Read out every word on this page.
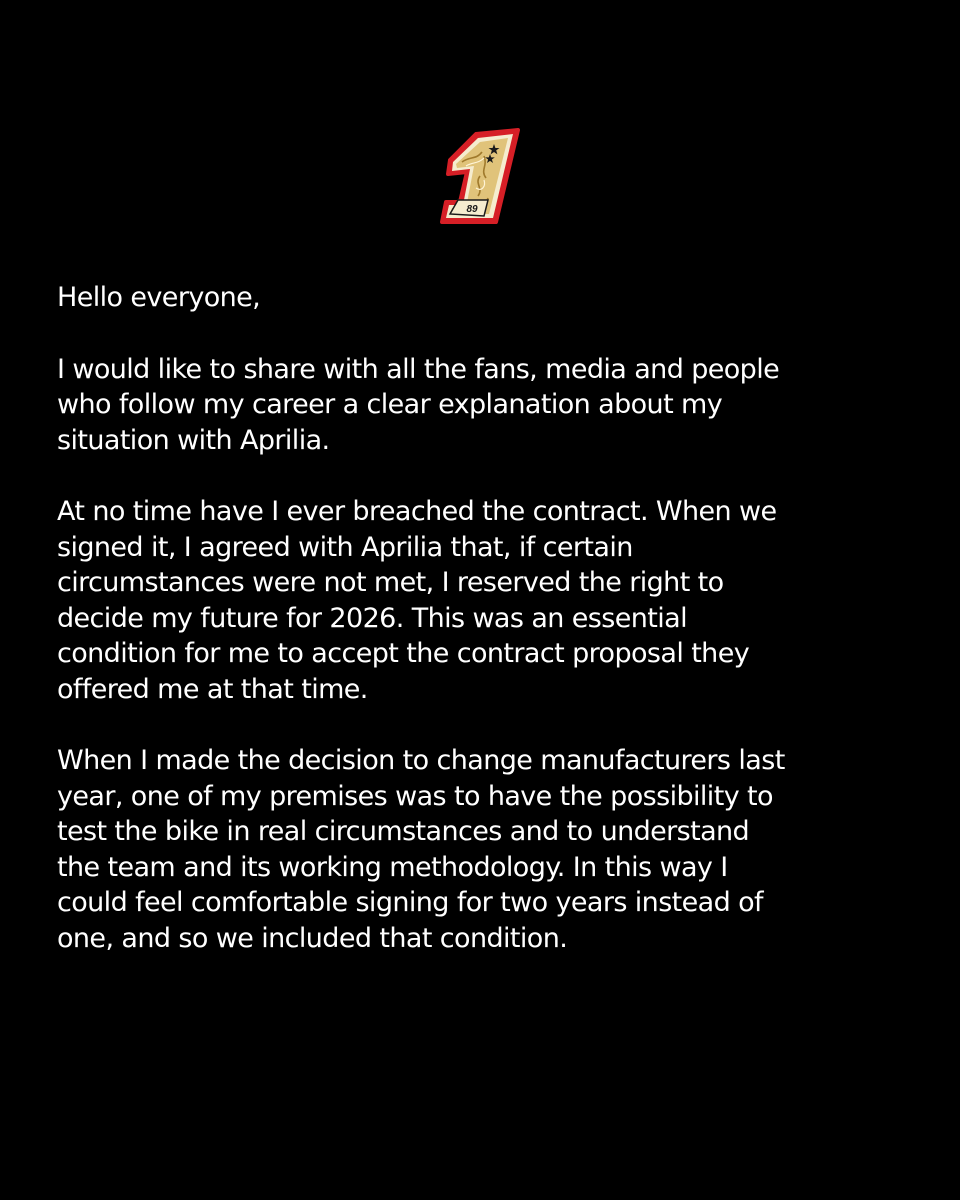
89

Hello everyone,

I would like to share with all the fans, media and people
who follow my career a clear explanation about my
situation with Aprilia.

At no time have I ever breached the contract. When we
signed it, I agreed with Aprilia that, if certain
circumstances were not met, I reserved the right to
decide my future for 2026. This was an essential
condition for me to accept the contract proposal they
offered me at that time.

When I made the decision to change manufacturers last
year, one of my premises was to have the possibility to
test the bike in real circumstances and to understand
the team and its working methodology. In this way I
could feel comfortable signing for two years instead of
one, and so we included that condition.
